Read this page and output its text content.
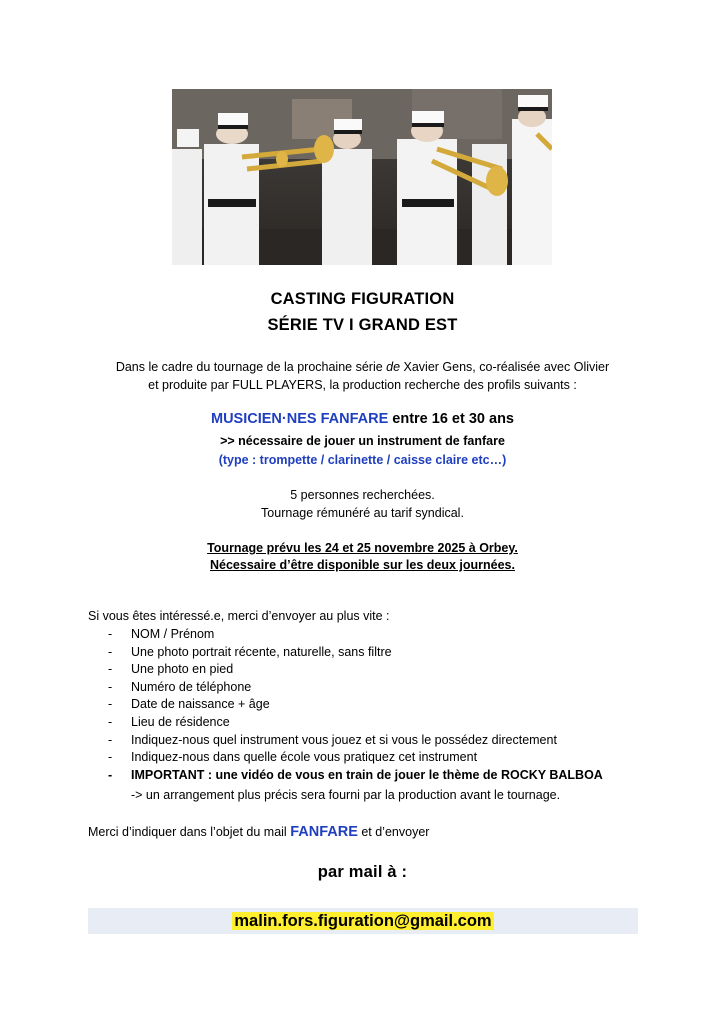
CASTING FIGURATION
SÉRIE TV I GRAND EST
Dans le cadre du tournage de la prochaine série de Xavier Gens, co-réalisée avec Olivier
et produite par FULL PLAYERS, la production recherche des profils suivants :
MUSICIEN·NES FANFARE entre 16 et 30 ans
>> nécessaire de jouer un instrument de fanfare
(type : trompette / clarinette / caisse claire etc…)
5 personnes recherchées.
Tournage rémunéré au tarif syndical.
Tournage prévu les 24 et 25 novembre 2025 à Orbey.
Nécessaire d’être disponible sur les deux journées.
Si vous êtes intéressé.e, merci d’envoyer au plus vite :
- NOM / Prénom
- Une photo portrait récente, naturelle, sans filtre
- Une photo en pied
- Numéro de téléphone
- Date de naissance + âge
- Lieu de résidence
- Indiquez-nous quel instrument vous jouez et si vous le possédez directement
- Indiquez-nous dans quelle école vous pratiquez cet instrument
- IMPORTANT : une vidéo de vous en train de jouer le thème de ROCKY BALBOA
-> un arrangement plus précis sera fourni par la production avant le tournage.
Merci d’indiquer dans l’objet du mail FANFARE et d’envoyer
par mail à :
malin.fors.figuration@gmail.com
